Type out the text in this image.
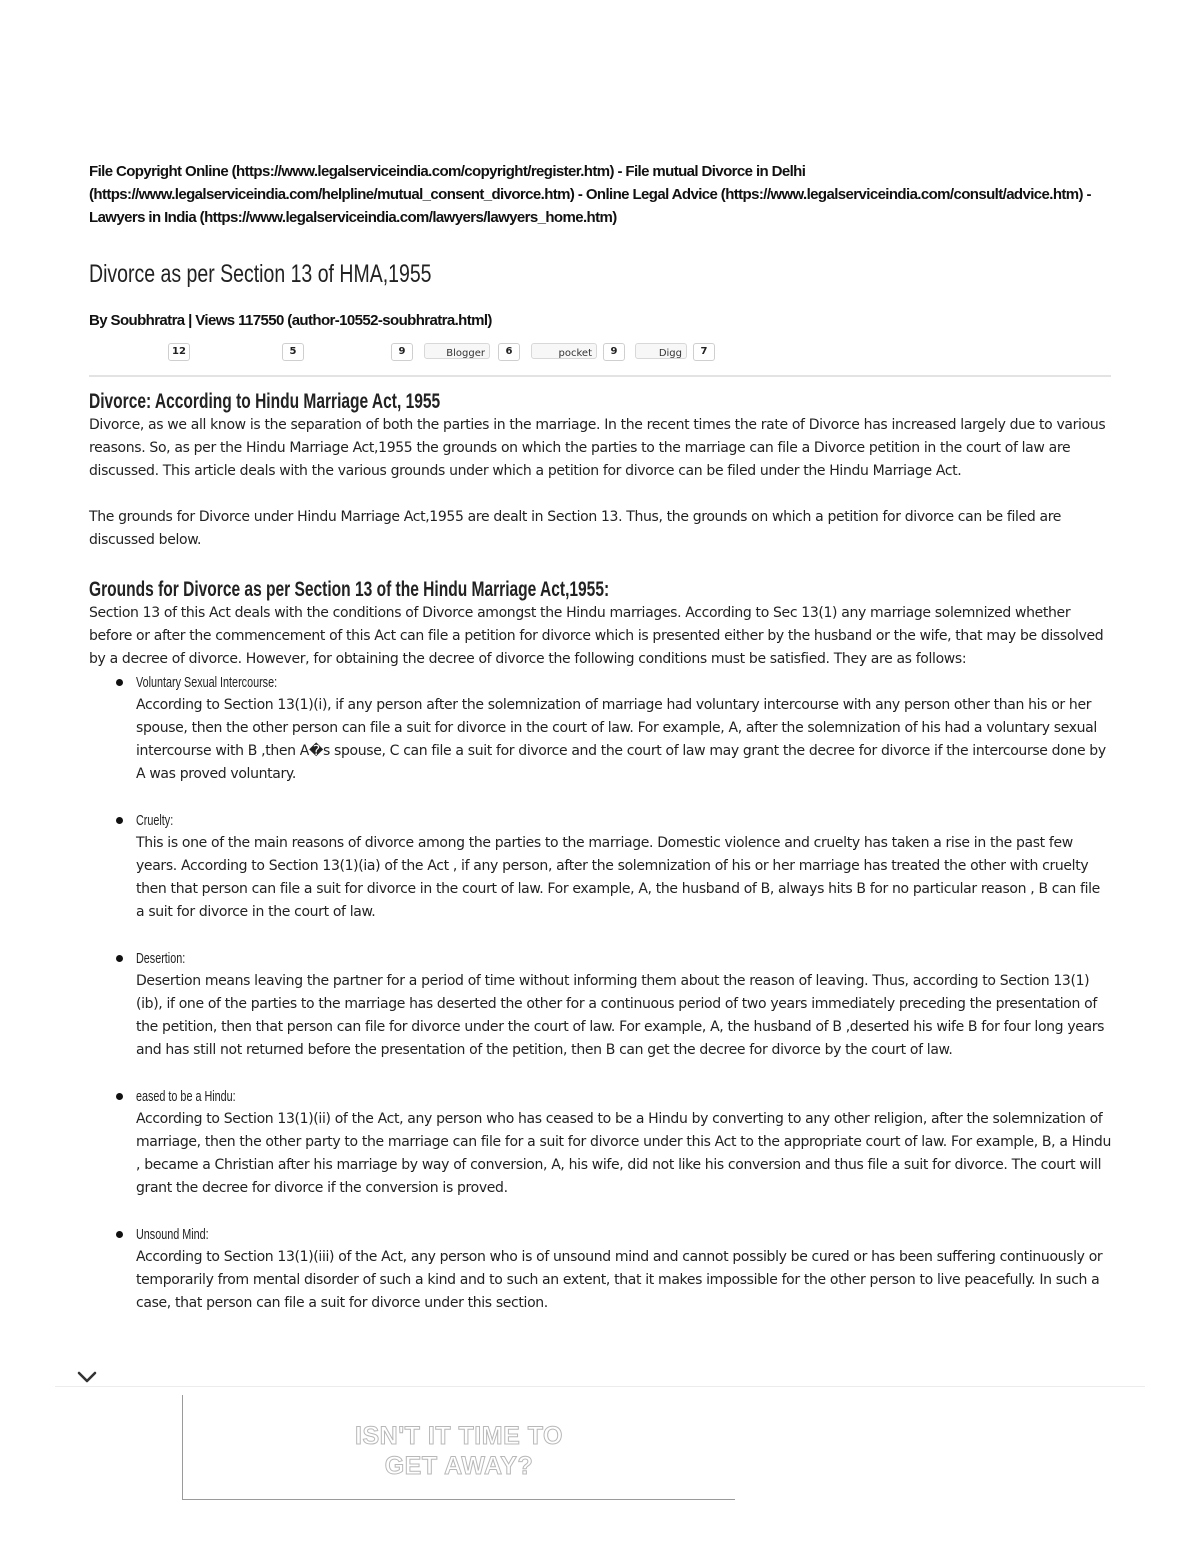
File Copyright Online (https://www.legalserviceindia.com/copyright/register.htm) - File mutual Divorce in Delhi (https://www.legalserviceindia.com/helpline/mutual_consent_divorce.htm) - Online Legal Advice (https://www.legalserviceindia.com/consult/advice.htm) - Lawyers in India (https://www.legalserviceindia.com/lawyers/lawyers_home.htm)
Divorce as per Section 13 of HMA,1955
By Soubhratra | Views 117550 (author-10552-soubhratra.html)
12	5	9	Blogger	6	pocket	9	Digg	7
Divorce: According to Hindu Marriage Act, 1955

Divorce, as we all know is the separation of both the parties in the marriage. In the recent times the rate of Divorce has increased largely due to various reasons. So, as per the Hindu Marriage Act,1955 the grounds on which the parties to the marriage can file a Divorce petition in the court of law are discussed. This article deals with the various grounds under which a petition for divorce can be filed under the Hindu Marriage Act.

The grounds for Divorce under Hindu Marriage Act,1955 are dealt in Section 13. Thus, the grounds on which a petition for divorce can be filed are discussed below.

Grounds for Divorce as per Section 13 of the Hindu Marriage Act,1955:

Section 13 of this Act deals with the conditions of Divorce amongst the Hindu marriages. According to Sec 13(1) any marriage solemnized whether before or after the commencement of this Act can file a petition for divorce which is presented either by the husband or the wife, that may be dissolved by a decree of divorce. However, for obtaining the decree of divorce the following conditions must be satisfied. They are as follows:

Voluntary Sexual Intercourse:
According to Section 13(1)(i), if any person after the solemnization of marriage had voluntary intercourse with any person other than his or her spouse, then the other person can file a suit for divorce in the court of law. For example, A, after the solemnization of his had a voluntary sexual intercourse with B ,then A�s spouse, C can file a suit for divorce and the court of law may grant the decree for divorce if the intercourse done by A was proved voluntary.
Cruelty:
This is one of the main reasons of divorce among the parties to the marriage. Domestic violence and cruelty has taken a rise in the past few years. According to Section 13(1)(ia) of the Act , if any person, after the solemnization of his or her marriage has treated the other with cruelty then that person can file a suit for divorce in the court of law. For example, A, the husband of B, always hits B for no particular reason , B can file a suit for divorce in the court of law.
Desertion:
Desertion means leaving the partner for a period of time without informing them about the reason of leaving. Thus, according to Section 13(1)(ib), if one of the parties to the marriage has deserted the other for a continuous period of two years immediately preceding the presentation of the petition, then that person can file for divorce under the court of law. For example, A, the husband of B ,deserted his wife B for four long years and has still not returned before the presentation of the petition, then B can get the decree for divorce by the court of law.
eased to be a Hindu:
According to Section 13(1)(ii) of the Act, any person who has ceased to be a Hindu by converting to any other religion, after the solemnization of marriage, then the other party to the marriage can file for a suit for divorce under this Act to the appropriate court of law. For example, B, a Hindu , became a Christian after his marriage by way of conversion, A, his wife, did not like his conversion and thus file a suit for divorce. The court will grant the decree for divorce if the conversion is proved.
Unsound Mind:
According to Section 13(1)(iii) of the Act, any person who is of unsound mind and cannot possibly be cured or has been suffering continuously or temporarily from mental disorder of such a kind and to such an extent, that it makes impossible for the other person to live peacefully. In such a case, that person can file a suit for divorce under this section.
ISN'T IT TIME TO
GET AWAY?
